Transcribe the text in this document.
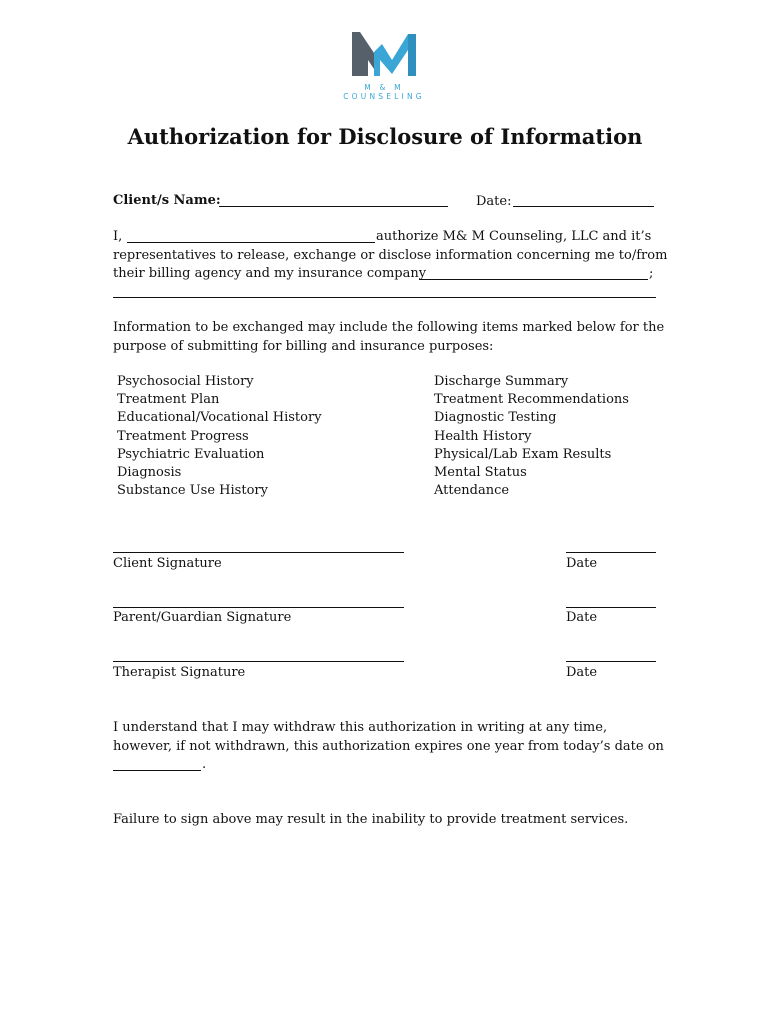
M & M COUNSELING
Authorization for Disclosure of Information
Client/s Name:	Date:
I,	authorize M& M Counseling, LLC and it’s
representatives to release, exchange or disclose information concerning me to/from
their billing agency and my insurance company	;
Information to be exchanged may include the following items marked below for the
purpose of submitting for billing and insurance purposes:
Psychosocial History
Treatment Plan
Educational/Vocational History
Treatment Progress
Psychiatric Evaluation
Diagnosis
Substance Use History
Discharge Summary
Treatment Recommendations
Diagnostic Testing
Health History
Physical/Lab Exam Results
Mental Status
Attendance
Client Signature	Date
Parent/Guardian Signature	Date
Therapist Signature	Date
I understand that I may withdraw this authorization in writing at any time,
however, if not withdrawn, this authorization expires one year from today’s date on
.
Failure to sign above may result in the inability to provide treatment services.
